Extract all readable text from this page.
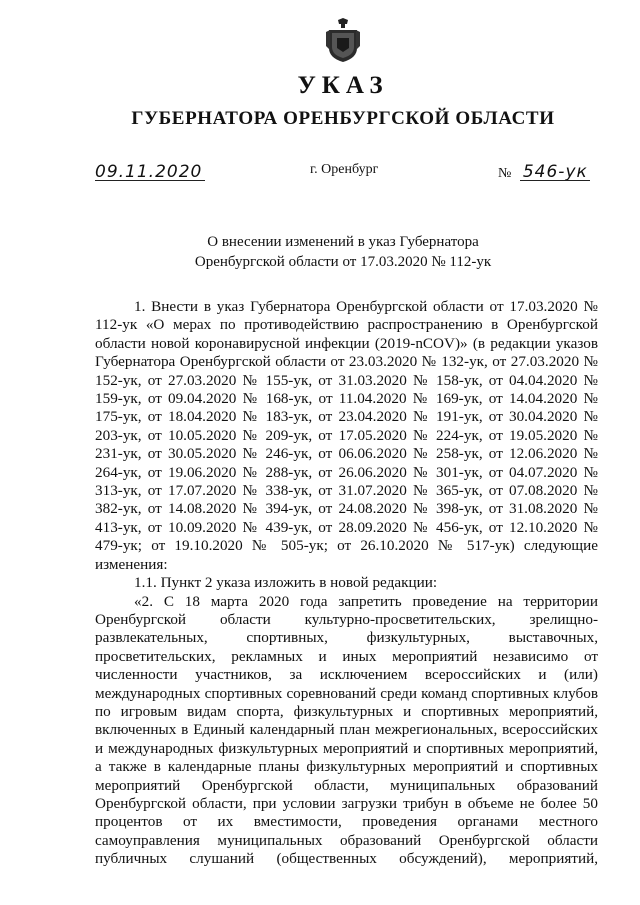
УКАЗ
ГУБЕРНАТОРА ОРЕНБУРГСКОЙ ОБЛАСТИ
09.11.2020	г. Оренбург	№ 546-ук
О внесении изменений в указ Губернатора
Оренбургской области от 17.03.2020 № 112-ук

1. Внести в указ Губернатора Оренбургской области от 17.03.2020 № 112-ук «О мерах по противодействию распространению в Оренбургской области новой коронавирусной инфекции (2019-nCOV)» (в редакции указов Губернатора Оренбургской области от 23.03.2020 № 132-ук, от 27.03.2020 № 152-ук, от 27.03.2020 № 155-ук, от 31.03.2020 № 158-ук, от 04.04.2020 № 159-ук, от 09.04.2020 № 168-ук, от 11.04.2020 № 169-ук, от 14.04.2020 № 175-ук, от 18.04.2020 № 183-ук, от 23.04.2020 № 191-ук, от 30.04.2020 № 203-ук, от 10.05.2020 № 209-ук, от 17.05.2020 № 224-ук, от 19.05.2020 № 231-ук, от 30.05.2020 № 246-ук, от 06.06.2020 № 258-ук, от 12.06.2020 № 264-ук, от 19.06.2020 № 288-ук, от 26.06.2020 № 301-ук, от 04.07.2020 № 313-ук, от 17.07.2020 № 338-ук, от 31.07.2020 № 365-ук, от 07.08.2020 № 382-ук, от 14.08.2020 № 394-ук, от 24.08.2020 № 398-ук, от 31.08.2020 № 413-ук, от 10.09.2020 № 439-ук, от 28.09.2020 № 456-ук, от 12.10.2020 № 479-ук; от 19.10.2020 № 505-ук; от 26.10.2020 № 517-ук) следующие изменения:

1.1. Пункт 2 указа изложить в новой редакции:

«2. С 18 марта 2020 года запретить проведение на территории Оренбургской области культурно-просветительских, зрелищно-развлекательных, спортивных, физкультурных, выставочных, просветительских, рекламных и иных мероприятий независимо от численности участников, за исключением всероссийских и (или) международных спортивных соревнований среди команд спортивных клубов по игровым видам спорта, физкультурных и спортивных мероприятий, включенных в Единый календарный план межрегиональных, всероссийских и международных физкультурных мероприятий и спортивных мероприятий, а также в календарные планы физкультурных мероприятий и спортивных мероприятий Оренбургской области, муниципальных образований Оренбургской области, при условии загрузки трибун в объеме не более 50 процентов от их вместимости, проведения органами местного самоуправления муниципальных образований Оренбургской области публичных слушаний (общественных обсуждений), мероприятий,
